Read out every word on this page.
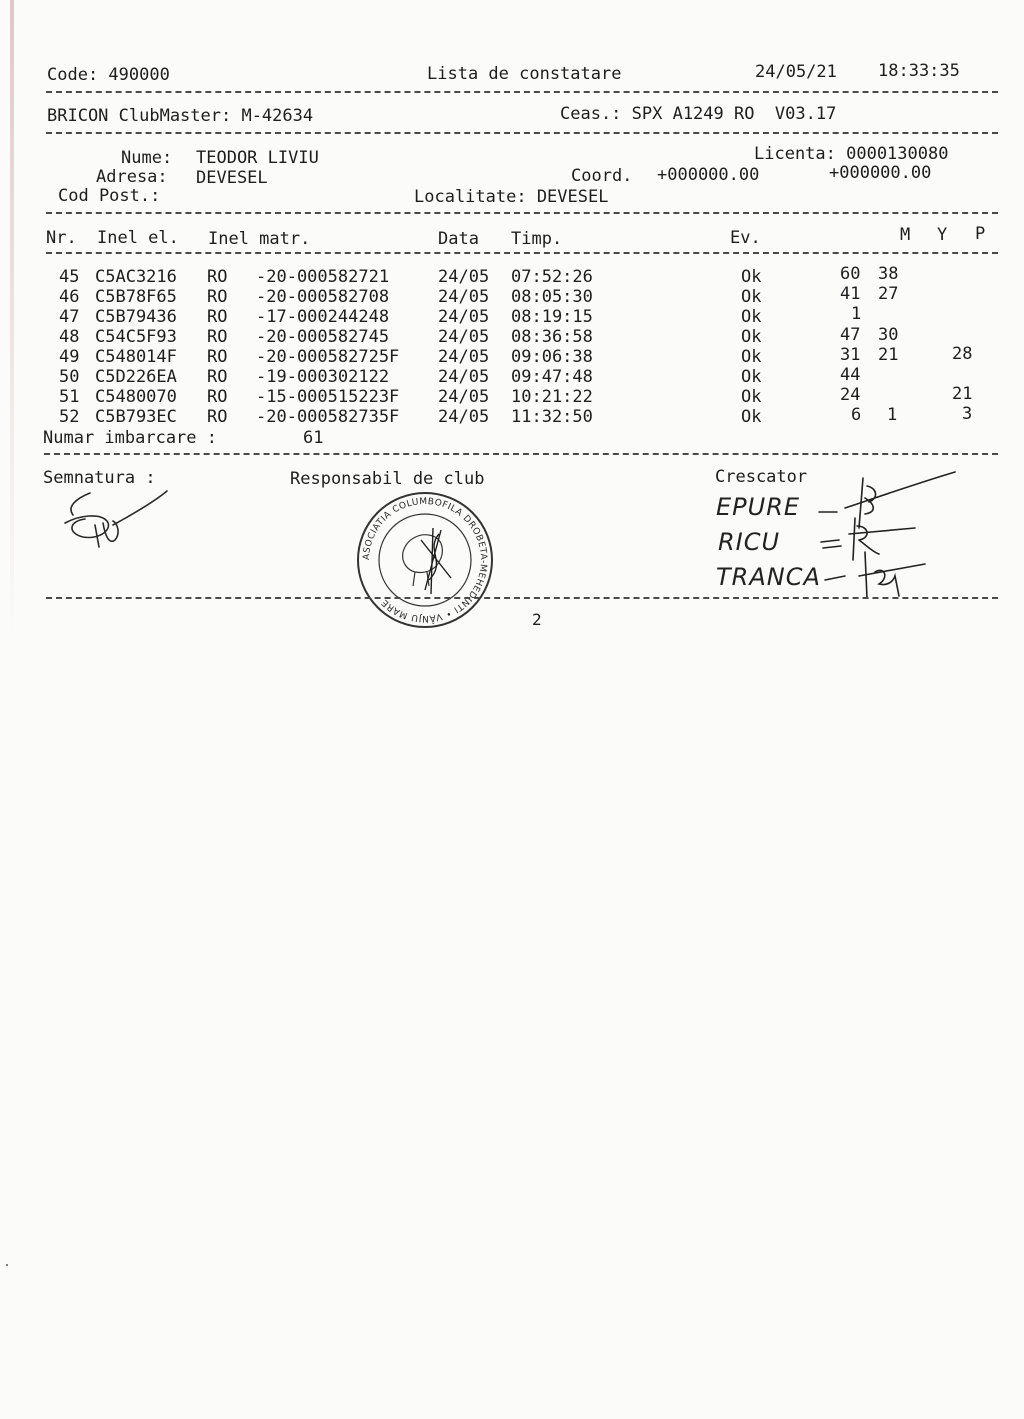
Code: 490000	Lista de constatare	24/05/21 18:33:35
BRICON ClubMaster: M-42634	Ceas.: SPX A1249 RO  V03.17
Nume: TEODOR LIVIU	Licenta: 0000130080
Adresa: DEVESEL	Coord. +000000.00	+000000.00
Cod Post.:	Localitate: DEVESEL
Nr. Inel el. Inel matr.	Data Timp.	Ev.	M Y P
45 C5AC3216 RO -20-000582721	24/05 07:52:26	Ok	60 38
46 C5B78F65 RO -20-000582708	24/05 08:05:30	Ok	41 27
47 C5B79436 RO -17-000244248	24/05 08:19:15	Ok	1
48 C54C5F93 RO -20-000582745	24/05 08:36:58	Ok	47 30
49 C548014F RO -20-000582725F 24/05 09:06:38	Ok	31 21	28
50 C5D226EA RO -19-000302122	24/05 09:47:48	Ok	44
51 C5480070 RO -15-000515223F 24/05 10:21:22	Ok	24	21
52 C5B793EC RO -20-000582735F 24/05 11:32:50	Ok	6 1	3
Numar imbarcare :	61
Semnatura :	Responsabil de club	Crescator
ASOCIATIA COLUMBOFILA DROBETA-MEHEDINTI • VÂNJU MARE
EPURE
RICU
TRANCA
2
